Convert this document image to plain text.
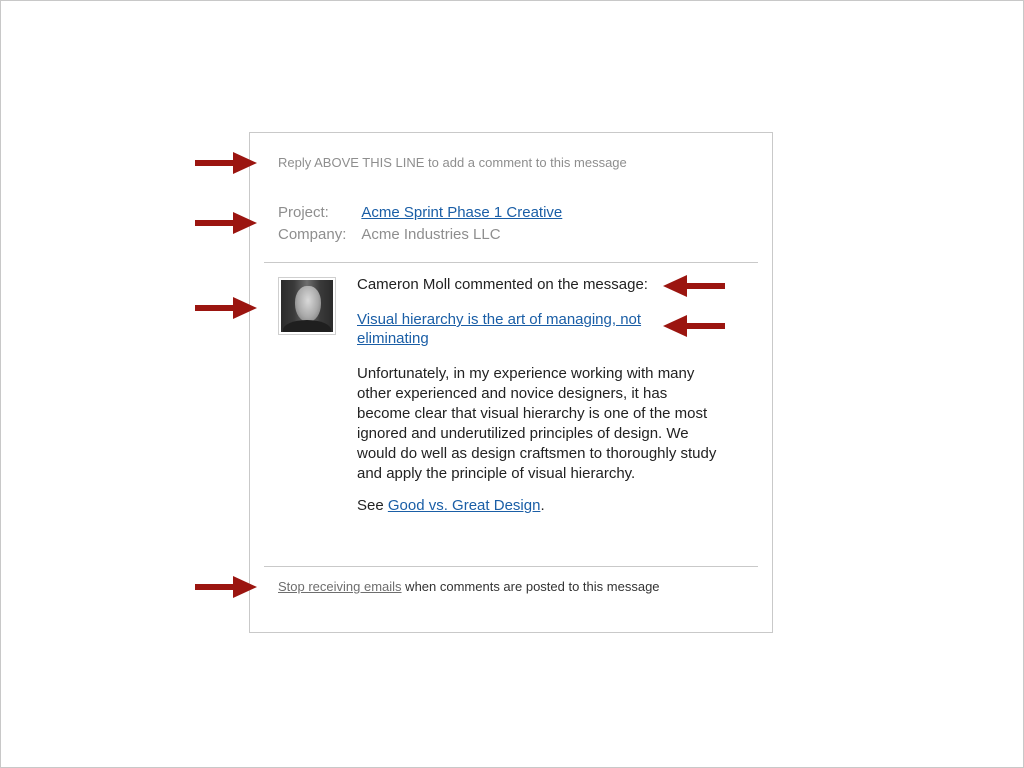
Reply ABOVE THIS LINE to add a comment to this message
Project: Acme Sprint Phase 1 Creative
Company: Acme Industries LLC
Cameron Moll commented on the message:
Visual hierarchy is the art of managing, not eliminating
Unfortunately, in my experience working with many other experienced and novice designers, it has become clear that visual hierarchy is one of the most ignored and underutilized principles of design. We would do well as design craftsmen to thoroughly study and apply the principle of visual hierarchy.
See Good vs. Great Design.
Stop receiving emails when comments are posted to this message
